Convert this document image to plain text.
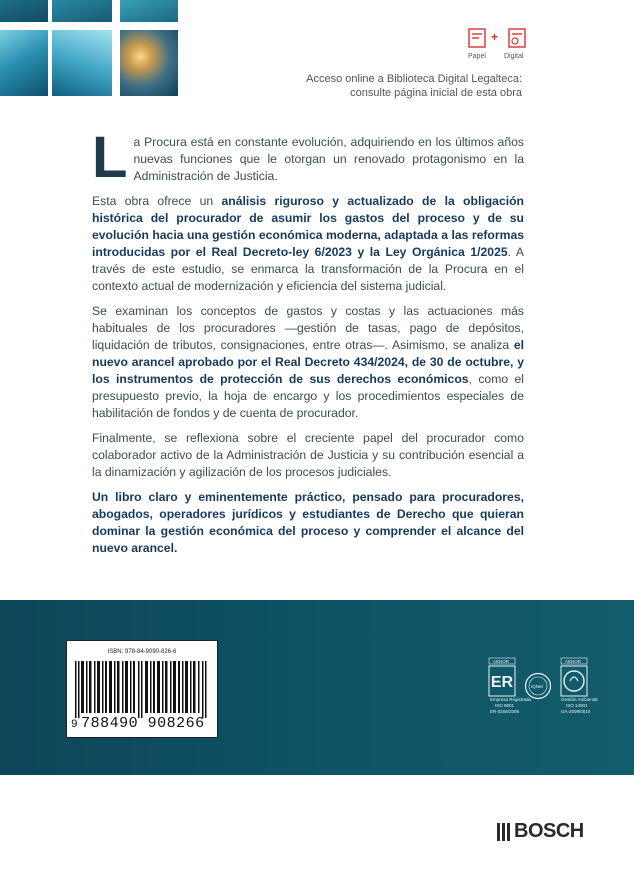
+
Papel	Digital
Acceso online a Biblioteca Digital Legalteca:
consulte página inicial de esta obra

La Procura está en constante evolución, adquiriendo en los últimos años nuevas funciones que le otorgan un renovado protagonismo en la Administración de Justicia.

Esta obra ofrece un análisis riguroso y actualizado de la obligación histórica del procurador de asumir los gastos del proceso y de su evolución hacia una gestión económica moderna, adaptada a las reformas introducidas por el Real Decreto-ley 6/2023 y la Ley Orgánica 1/2025. A través de este estudio, se enmarca la transformación de la Procura en el contexto actual de modernización y eficiencia del sistema judicial.

Se examinan los conceptos de gastos y costas y las actuaciones más habituales de los procuradores —gestión de tasas, pago de depósitos, liquidación de tributos, consignaciones, entre otras—. Asimismo, se analiza el nuevo arancel aprobado por el Real Decreto 434/2024, de 30 de octubre, y los instrumentos de protección de sus derechos económicos, como el presupuesto previo, la hoja de encargo y los procedimientos especiales de habilitación de fondos y de cuenta de procurador.

Finalmente, se reflexiona sobre el creciente papel del procurador como colaborador activo de la Administración de Justicia y su contribución esencial a la dinamización y agilización de los procesos judiciales.

Un libro claro y eminentemente práctico, pensado para procuradores, abogados, operadores jurídicos y estudiantes de Derecho que quieran dominar la gestión económica del proceso y comprender el alcance del nuevo arancel.

ISBN: 978-84-9090-826-6
9 788490 908266
ER
AENOR
Empresa Registrada
ISO 9001
ER-0208/2006
IQNet
AENOR
Gestión Ambiental
ISO 14001
GA-2009/0010
BOSCH
